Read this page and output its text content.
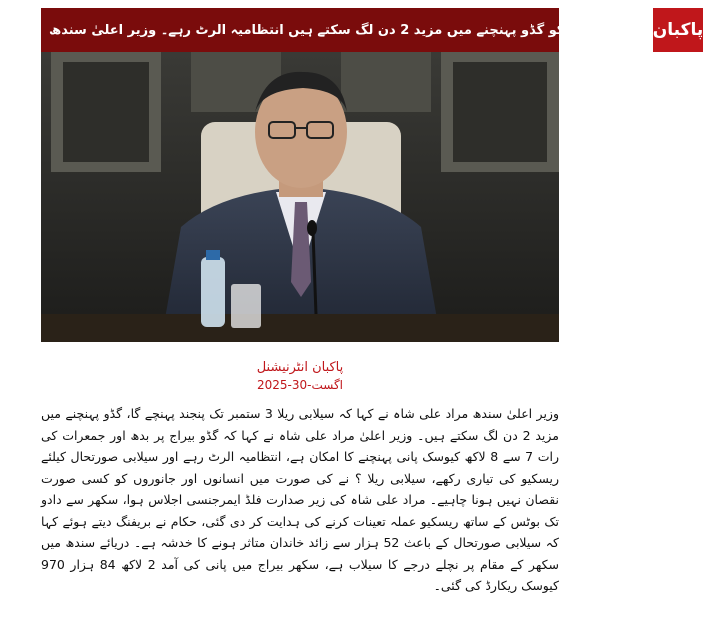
سیلابی ریلے کو گڈو پہنچنے میں مزید 2 دن لگ سکتے ہیں انتظامیہ الرٹ رہے۔ وزیر اعلیٰ سندھ پاکبان
پاکبان انٹرنیشنل
2025-اگست-30
وزیر اعلیٰ سندھ مراد علی شاہ نے کہا کہ سیلابی ریلا 3 ستمبر تک پنجند پہنچے گا، گڈو پہنچنے میں مزید 2 دن لگ سکتے ہیں۔ وزیر اعلیٰ مراد علی شاہ نے کہا کہ گڈو بیراج پر بدھ اور جمعرات کی رات 7 سے 8 لاکھ کیوسک پانی پہنچنے کا امکان ہے، انتظامیہ الرٹ رہے اور سیلابی صورتحال کیلئے ریسکیو کی تیاری رکھے، سیلابی ریلا ؟ نے کی صورت میں انسانوں اور جانوروں کو کسی صورت نقصان نہیں ہونا چاہیے۔ مراد علی شاہ کی زیر صدارت فلڈ ایمرجنسی اجلاس ہوا، سکھر سے دادو تک بوٹس کے ساتھ ریسکیو عملہ تعینات کرنے کی ہدایت کر دی گئی، حکام نے بریفنگ دیتے ہوئے کہا کہ سیلابی صورتحال کے باعث 52 ہزار سے زائد خاندان متاثر ہونے کا خدشہ ہے۔ دریائے سندھ میں سکھر کے مقام پر نچلے درجے کا سیلاب ہے، سکھر بیراج میں پانی کی آمد 2 لاکھ 84 ہزار 970 کیوسک ریکارڈ کی گئی۔
